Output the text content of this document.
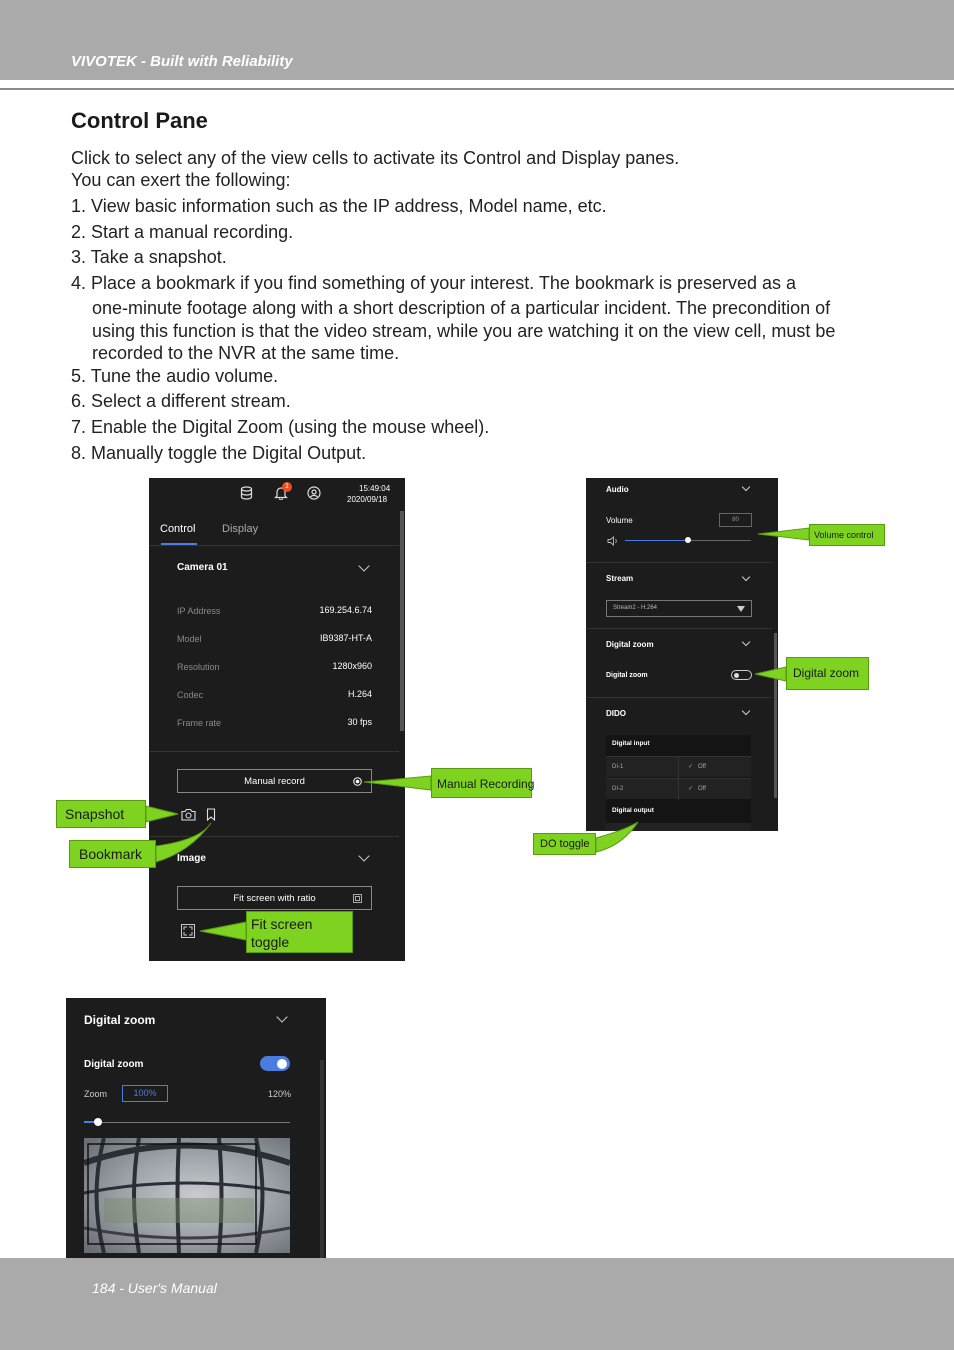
VIVOTEK - Built with Reliability
Control Pane
Click to select any of the view cells to activate its Control and Display panes.
You can exert the following:
1. View basic information such as the IP address, Model name, etc.
2. Start a manual recording.
3. Take a snapshot.
4. Place a bookmark if you find something of your interest. The bookmark is preserved as a
one-minute footage along with a short description of a particular incident. The precondition of
using this function is that the video stream, while you are watching it on the view cell, must be
recorded to the NVR at the same time.
5. Tune the audio volume.
6. Select a different stream.
7. Enable the Digital Zoom (using the mouse wheel).
8. Manually toggle the Digital Output.
1	15:49:04
2020/09/18
Control Display
Camera 01
IP Address	169.254.6.74
Model	IB9387-HT-A
Resolution	1280x960
Codec	H.264
Frame rate	30 fps
Manual record
Image
Fit screen with ratio
Audio
Volume	80
Stream
Stream2 - H.264
Digital zoom
Digital zoom
DIDO
Digital input
DI-1	✓ Off
DI-2	✓ Off
Digital output
Digital zoom
Digital zoom
Zoom	100%	120%
Volume control
Digital zoom
Manual Recording
Snapshot
Bookmark
DO toggle
Fit screen
toggle
184 - User's Manual
